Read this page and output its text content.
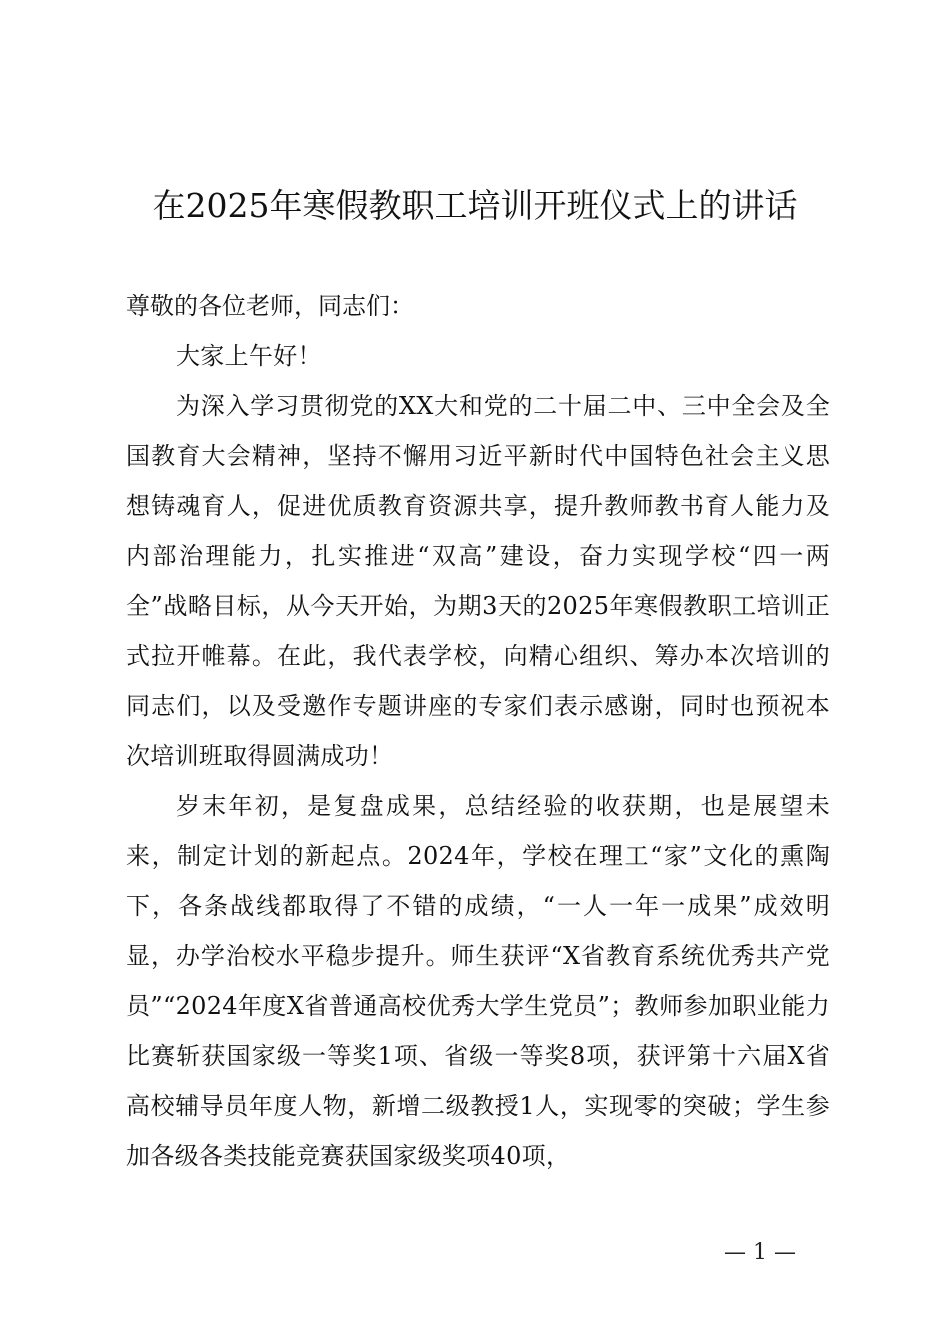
在2025年寒假教职工培训开班仪式上的讲话

尊敬的各位老师，同志们：

大家上午好！

为深入学习贯彻党的XX大和党的二十届二中、三中全会及全国教育大会精神，坚持不懈用习近平新时代中国特色社会主义思想铸魂育人，促进优质教育资源共享，提升教师教书育人能力及内部治理能力，扎实推进“双高”建设，奋力实现学校“四一两全”战略目标，从今天开始，为期3天的2025年寒假教职工培训正式拉开帷幕。在此，我代表学校，向精心组织、筹办本次培训的同志们，以及受邀作专题讲座的专家们表示感谢，同时也预祝本次培训班取得圆满成功！

岁末年初，是复盘成果，总结经验的收获期，也是展望未来，制定计划的新起点。2024年，学校在理工“家”文化的熏陶下，各条战线都取得了不错的成绩，“一人一年一成果”成效明显，办学治校水平稳步提升。师生获评“X省教育系统优秀共产党员”“2024年度X省普通高校优秀大学生党员”；教师参加职业能力比赛斩获国家级一等奖1项、省级一等奖8项，获评第十六届X省高校辅导员年度人物，新增二级教授1人，实现零的突破；学生参加各级各类技能竞赛获国家级奖项40项，

— 1 —
